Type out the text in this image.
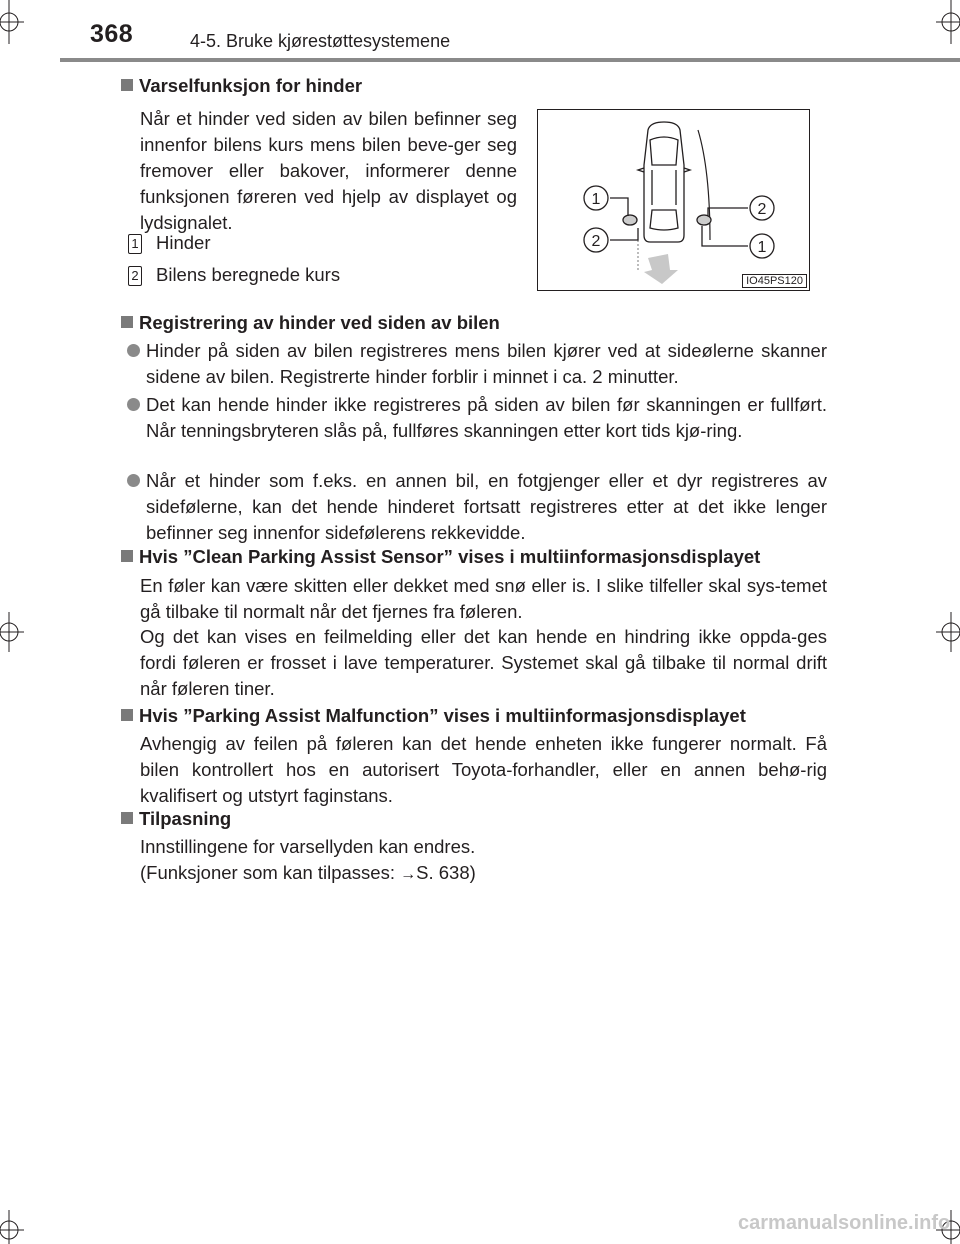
368	4-5. Bruke kjørestøttesystemene
Varselfunksjon for hinder
Når et hinder ved siden av bilen befinner seg innenfor bilens kurs mens bilen beve-ger seg fremover eller bakover, informerer denne funksjonen føreren ved hjelp av displayet og lydsignalet.
1 Hinder
2 Bilens beregnede kurs
1
2
2
1
IO45PS120
Registrering av hinder ved siden av bilen
Hinder på siden av bilen registreres mens bilen kjører ved at sideølerne skanner sidene av bilen. Registrerte hinder forblir i minnet i ca. 2 minutter.
Det kan hende hinder ikke registreres på siden av bilen før skanningen er fullført. Når tenningsbryteren slås på, fullføres skanningen etter kort tids kjø-ring.
Når et hinder som f.eks. en annen bil, en fotgjenger eller et dyr registreres av sidefølerne, kan det hende hinderet fortsatt registreres etter at det ikke lenger befinner seg innenfor sidefølerens rekkevidde.
Hvis ”Clean Parking Assist Sensor” vises i multiinformasjonsdisplayet
En føler kan være skitten eller dekket med snø eller is. I slike tilfeller skal sys-temet gå tilbake til normalt når det fjernes fra føleren.
Og det kan vises en feilmelding eller det kan hende en hindring ikke oppda-ges fordi føleren er frosset i lave temperaturer. Systemet skal gå tilbake til normal drift når føleren tiner.
Hvis ”Parking Assist Malfunction” vises i multiinformasjonsdisplayet
Avhengig av feilen på føleren kan det hende enheten ikke fungerer normalt. Få bilen kontrollert hos en autorisert Toyota-forhandler, eller en annen behø-rig kvalifisert og utstyrt faginstans.
Tilpasning
Innstillingene for varsellyden kan endres.
(Funksjoner som kan tilpasses: →S. 638)
carmanualsonline.info
